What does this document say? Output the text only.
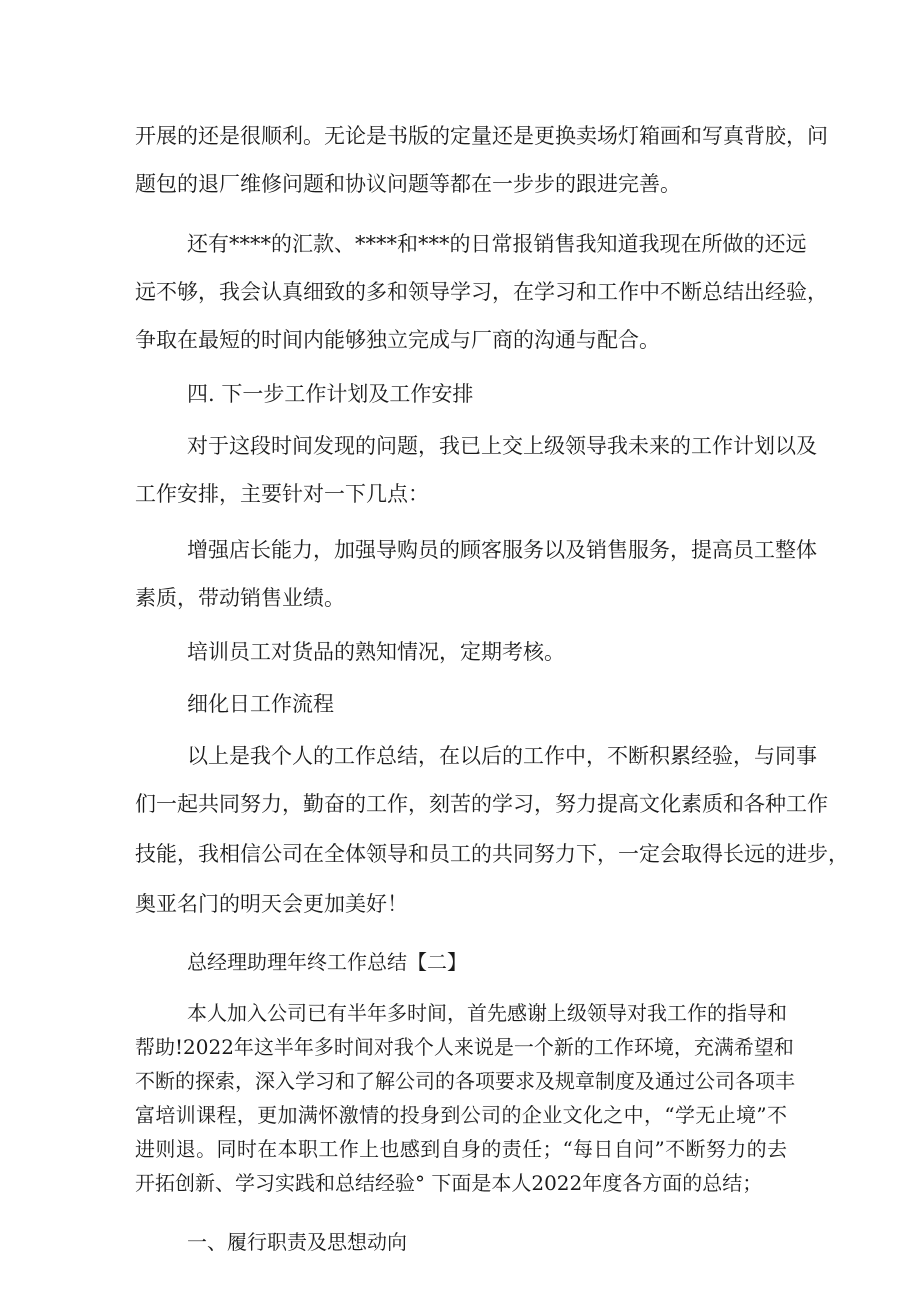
开展的还是很顺利。无论是书版的定量还是更换卖场灯箱画和写真背胶，问
题包的退厂维修问题和协议问题等都在一步步的跟进完善。
还有****的汇款、****和***的日常报销售我知道我现在所做的还远
远不够，我会认真细致的多和领导学习，在学习和工作中不断总结出经验，
争取在最短的时间内能够独立完成与厂商的沟通与配合。
四. 下一步工作计划及工作安排
对于这段时间发现的问题，我已上交上级领导我未来的工作计划以及
工作安排，主要针对一下几点：
增强店长能力，加强导购员的顾客服务以及销售服务，提高员工整体
素质，带动销售业绩。
培训员工对货品的熟知情况，定期考核。
细化日工作流程
以上是我个人的工作总结，在以后的工作中，不断积累经验，与同事
们一起共同努力，勤奋的工作，刻苦的学习，努力提高文化素质和各种工作
技能，我相信公司在全体领导和员工的共同努力下，一定会取得长远的进步，
奥亚名门的明天会更加美好！
总经理助理年终工作总结【二】
本人加入公司已有半年多时间，首先感谢上级领导对我工作的指导和
帮助!2022年这半年多时间对我个人来说是一个新的工作环境，充满希望和
不断的探索，深入学习和了解公司的各项要求及规章制度及通过公司各项丰
富培训课程，更加满怀激情的投身到公司的企业文化之中，“学无止境”不
进则退。同时在本职工作上也感到自身的责任；“每日自问”不断努力的去
开拓创新、学习实践和总结经验° 下面是本人2022年度各方面的总结；
一、履行职责及思想动向
